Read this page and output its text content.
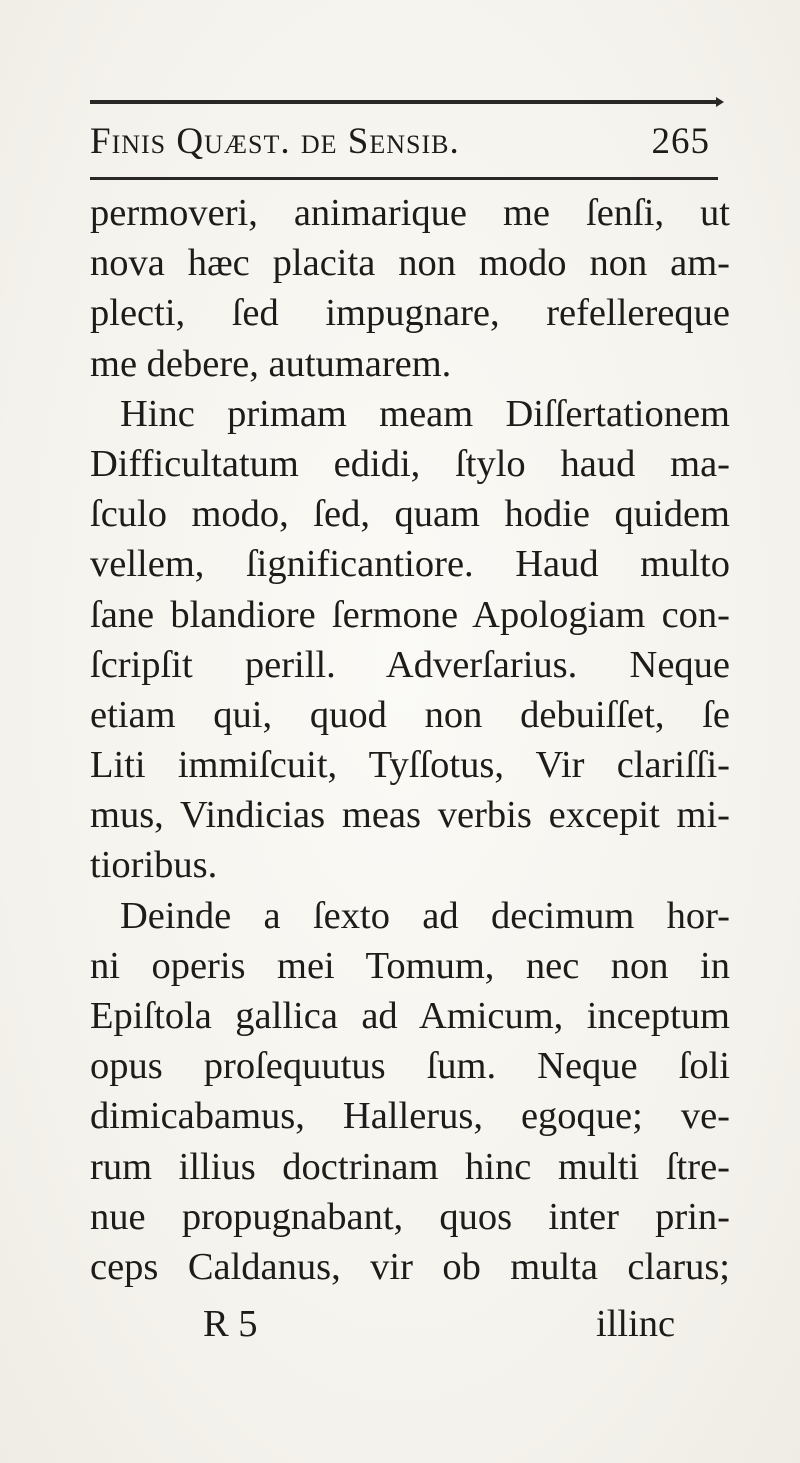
Finis Quæst. de Sensib.	265
permoveri, animarique me ſenſi, ut
nova hæc placita non modo non am-
plecti, ſed impugnare, refellereque
me debere, autumarem.
Hinc primam meam Diſſertationem
Difficultatum edidi, ſtylo haud ma-
ſculo modo, ſed, quam hodie quidem
vellem, ſignificantiore. Haud multo
ſane blandiore ſermone Apologiam con-
ſcripſit perill. Adverſarius. Neque
etiam qui, quod non debuiſſet, ſe
Liti immiſcuit, Tyſſotus, Vir clariſſi-
mus, Vindicias meas verbis excepit mi-
tioribus.
Deinde a ſexto ad decimum hor-
ni operis mei Tomum, nec non in
Epiſtola gallica ad Amicum, inceptum
opus proſequutus ſum. Neque ſoli
dimicabamus, Hallerus, egoque; ve-
rum illius doctrinam hinc multi ſtre-
nue propugnabant, quos inter prin-
ceps Caldanus, vir ob multa clarus;
R 5	illinc
